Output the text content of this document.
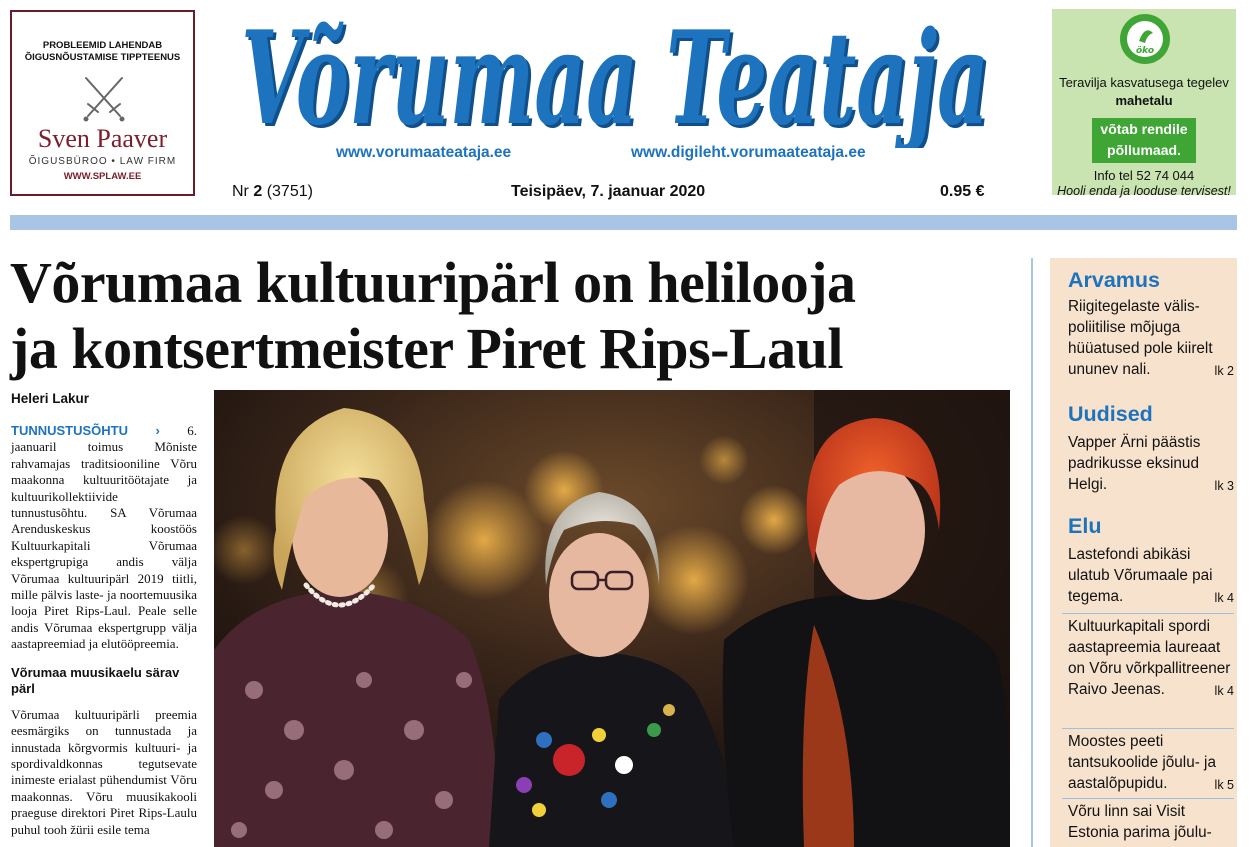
PROBLEEMID LAHENDAB
ÕIGUSNÕUSTAMISE TIPPTEENUS
Sven Paaver
ÕIGUSBÜROO • LAW FIRM
WWW.SPLAW.EE
Võrumaa Teataja
Võrumaa Teataja
www.vorumaateataja.ee	www.digileht.vorumaateataja.ee
Nr 2 (3751)	Teisipäev, 7. jaanuar 2020	0.95 €
öko
Teravilja kasvatusega tegelev
mahetalu
võtab rendile
põllumaad.
Info tel 52 74 044
Hooli enda ja looduse tervisest!
Võrumaa kultuuripärl on helilooja
ja kontsertmeister Piret Rips-Laul
Heleri Lakur

TUNNUSTUSÕHTU › 6. jaanuaril toimus Mõniste rahvamajas traditsiooniline Võru maakonna kultuuritöötajate ja kultuurikollektiivide tunnustusõhtu. SA Võrumaa Arenduskeskus koostöös Kultuurkapitali Võrumaa ekspertgrupiga andis välja Võrumaa kultuuripärl 2019 tiitli, mille pälvis laste- ja noortemuusika looja Piret Rips-Laul. Peale selle andis Võrumaa ekspertgrupp välja aastapreemiad ja elutööpreemia.

Võrumaa muusikaelu särav pärl

Võrumaa kultuuripärli preemia eesmärgiks on tunnustada ja innustada kõrgvormis kultuuri- ja spordivaldkonnas tegutsevate inimeste erialast pühendumist Võru maakonnas. Võru muusikakooli praeguse direktori Piret Rips-Laulu puhul tooh žürii esile tema

Arvamus
Riigitegelaste välis-poliitilise mõjuga hüüatused pole kiirelt ununev nali.	lk 2
Uudised
Vapper Ärni päästis padrikusse eksinud Helgi.	lk 3
Elu
Lastefondi abikäsi ulatub Võrumaale pai tegema.	lk 4
Kultuurkapitali spordi aastapreemia laureaat on Võru võrkpallitreener Raivo Jeenas.	lk 4
Moostes peeti tantsukoolide jõulu- ja aastalõpupidu.	lk 5
Võru linn sai Visit Estonia parima jõulu-
